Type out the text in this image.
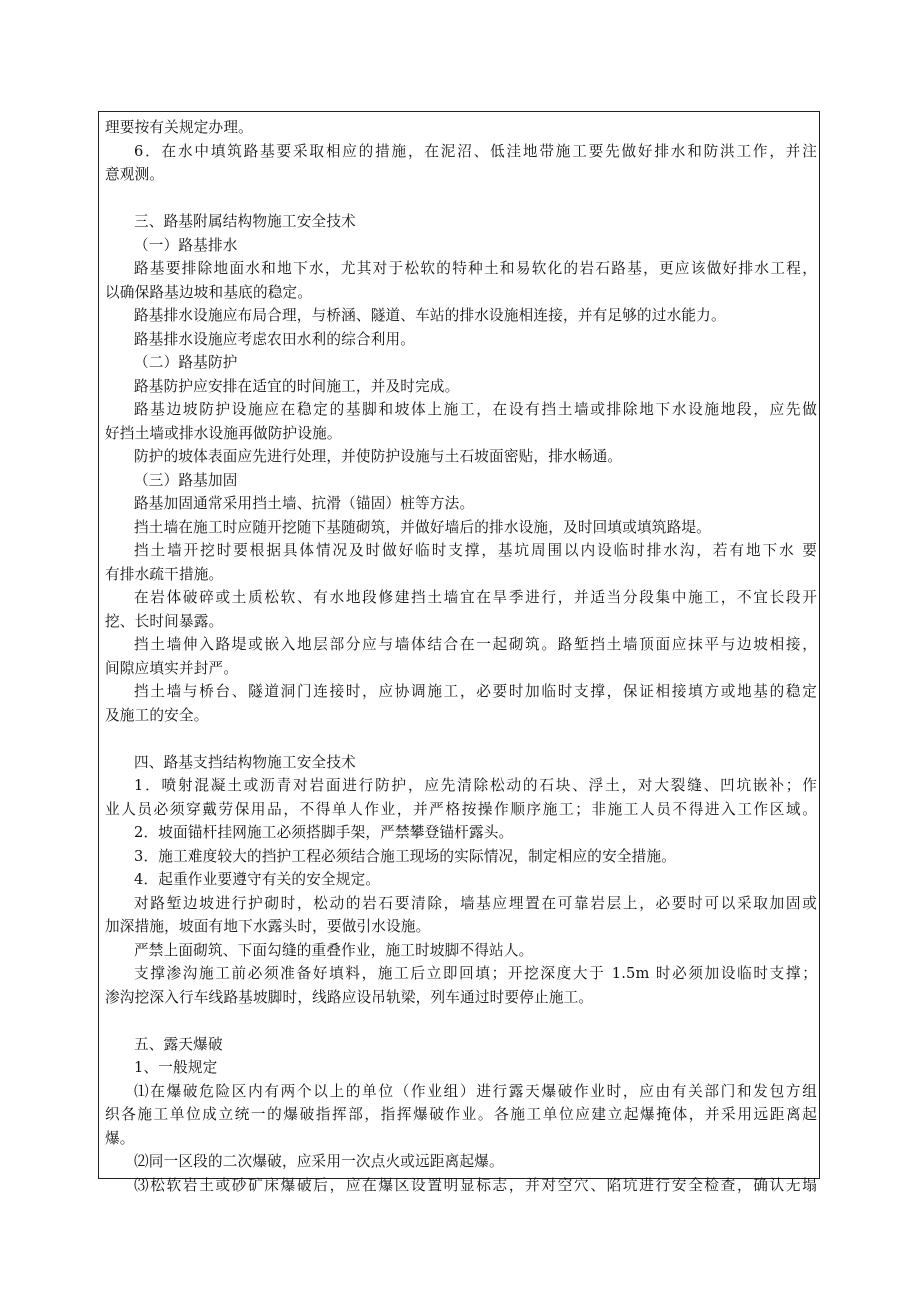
理要按有关规定办理。
6．在水中填筑路基要采取相应的措施，在泥沼、低洼地带施工要先做好排水和防洪工作，并注
意观测。
三、路基附属结构物施工安全技术
（一）路基排水
路基要排除地面水和地下水，尤其对于松软的特种土和易软化的岩石路基，更应该做好排水工程，
以确保路基边坡和基底的稳定。
路基排水设施应布局合理，与桥涵、隧道、车站的排水设施相连接，并有足够的过水能力。
路基排水设施应考虑农田水利的综合利用。
（二）路基防护
路基防护应安排在适宜的时间施工，并及时完成。
路基边坡防护设施应在稳定的基脚和坡体上施工，在设有挡土墙或排除地下水设施地段，应先做
好挡土墙或排水设施再做防护设施。
防护的坡体表面应先进行处理，并使防护设施与土石坡面密贴，排水畅通。
（三）路基加固
路基加固通常采用挡土墙、抗滑（锚固）桩等方法。
挡土墙在施工时应随开挖随下基随砌筑，并做好墙后的排水设施，及时回填或填筑路堤。
挡土墙开挖时要根据具体情况及时做好临时支撑，基坑周围以内设临时排水沟，若有地下水 要
有排水疏干措施。
在岩体破碎或土质松软、有水地段修建挡土墙宜在旱季进行，并适当分段集中施工，不宜长段开
挖、长时间暴露。
挡土墙伸入路堤或嵌入地层部分应与墙体结合在一起砌筑。路堑挡土墙顶面应抹平与边坡相接，
间隙应填实并封严。
挡土墙与桥台、隧道洞门连接时，应协调施工，必要时加临时支撑，保证相接填方或地基的稳定
及施工的安全。
四、路基支挡结构物施工安全技术
1．喷射混凝土或沥青对岩面进行防护，应先清除松动的石块、浮土，对大裂缝、凹坑嵌补；作
业人员必须穿戴劳保用品，不得单人作业，并严格按操作顺序施工；非施工人员不得进入工作区域。
2．坡面锚杆挂网施工必须搭脚手架，严禁攀登锚杆露头。
3．施工难度较大的挡护工程必须结合施工现场的实际情况，制定相应的安全措施。
4．起重作业要遵守有关的安全规定。
对路堑边坡进行护砌时，松动的岩石要清除，墙基应埋置在可靠岩层上，必要时可以采取加固或
加深措施，坡面有地下水露头时，要做引水设施。
严禁上面砌筑、下面勾缝的重叠作业，施工时坡脚不得站人。
支撑渗沟施工前必须准备好填料，施工后立即回填；开挖深度大于 1.5m 时必须加设临时支撑；
渗沟挖深入行车线路基坡脚时，线路应设吊轨梁，列车通过时要停止施工。
五、露天爆破
1、一般规定
⑴在爆破危险区内有两个以上的单位（作业组）进行露天爆破作业时，应由有关部门和发包方组
织各施工单位成立统一的爆破指挥部，指挥爆破作业。各施工单位应建立起爆掩体，并采用远距离起
爆。
⑵同一区段的二次爆破，应采用一次点火或远距离起爆。
⑶松软岩土或砂矿床爆破后，应在爆区设置明显标志，并对空穴、陷坑进行安全检查，确认无塌
